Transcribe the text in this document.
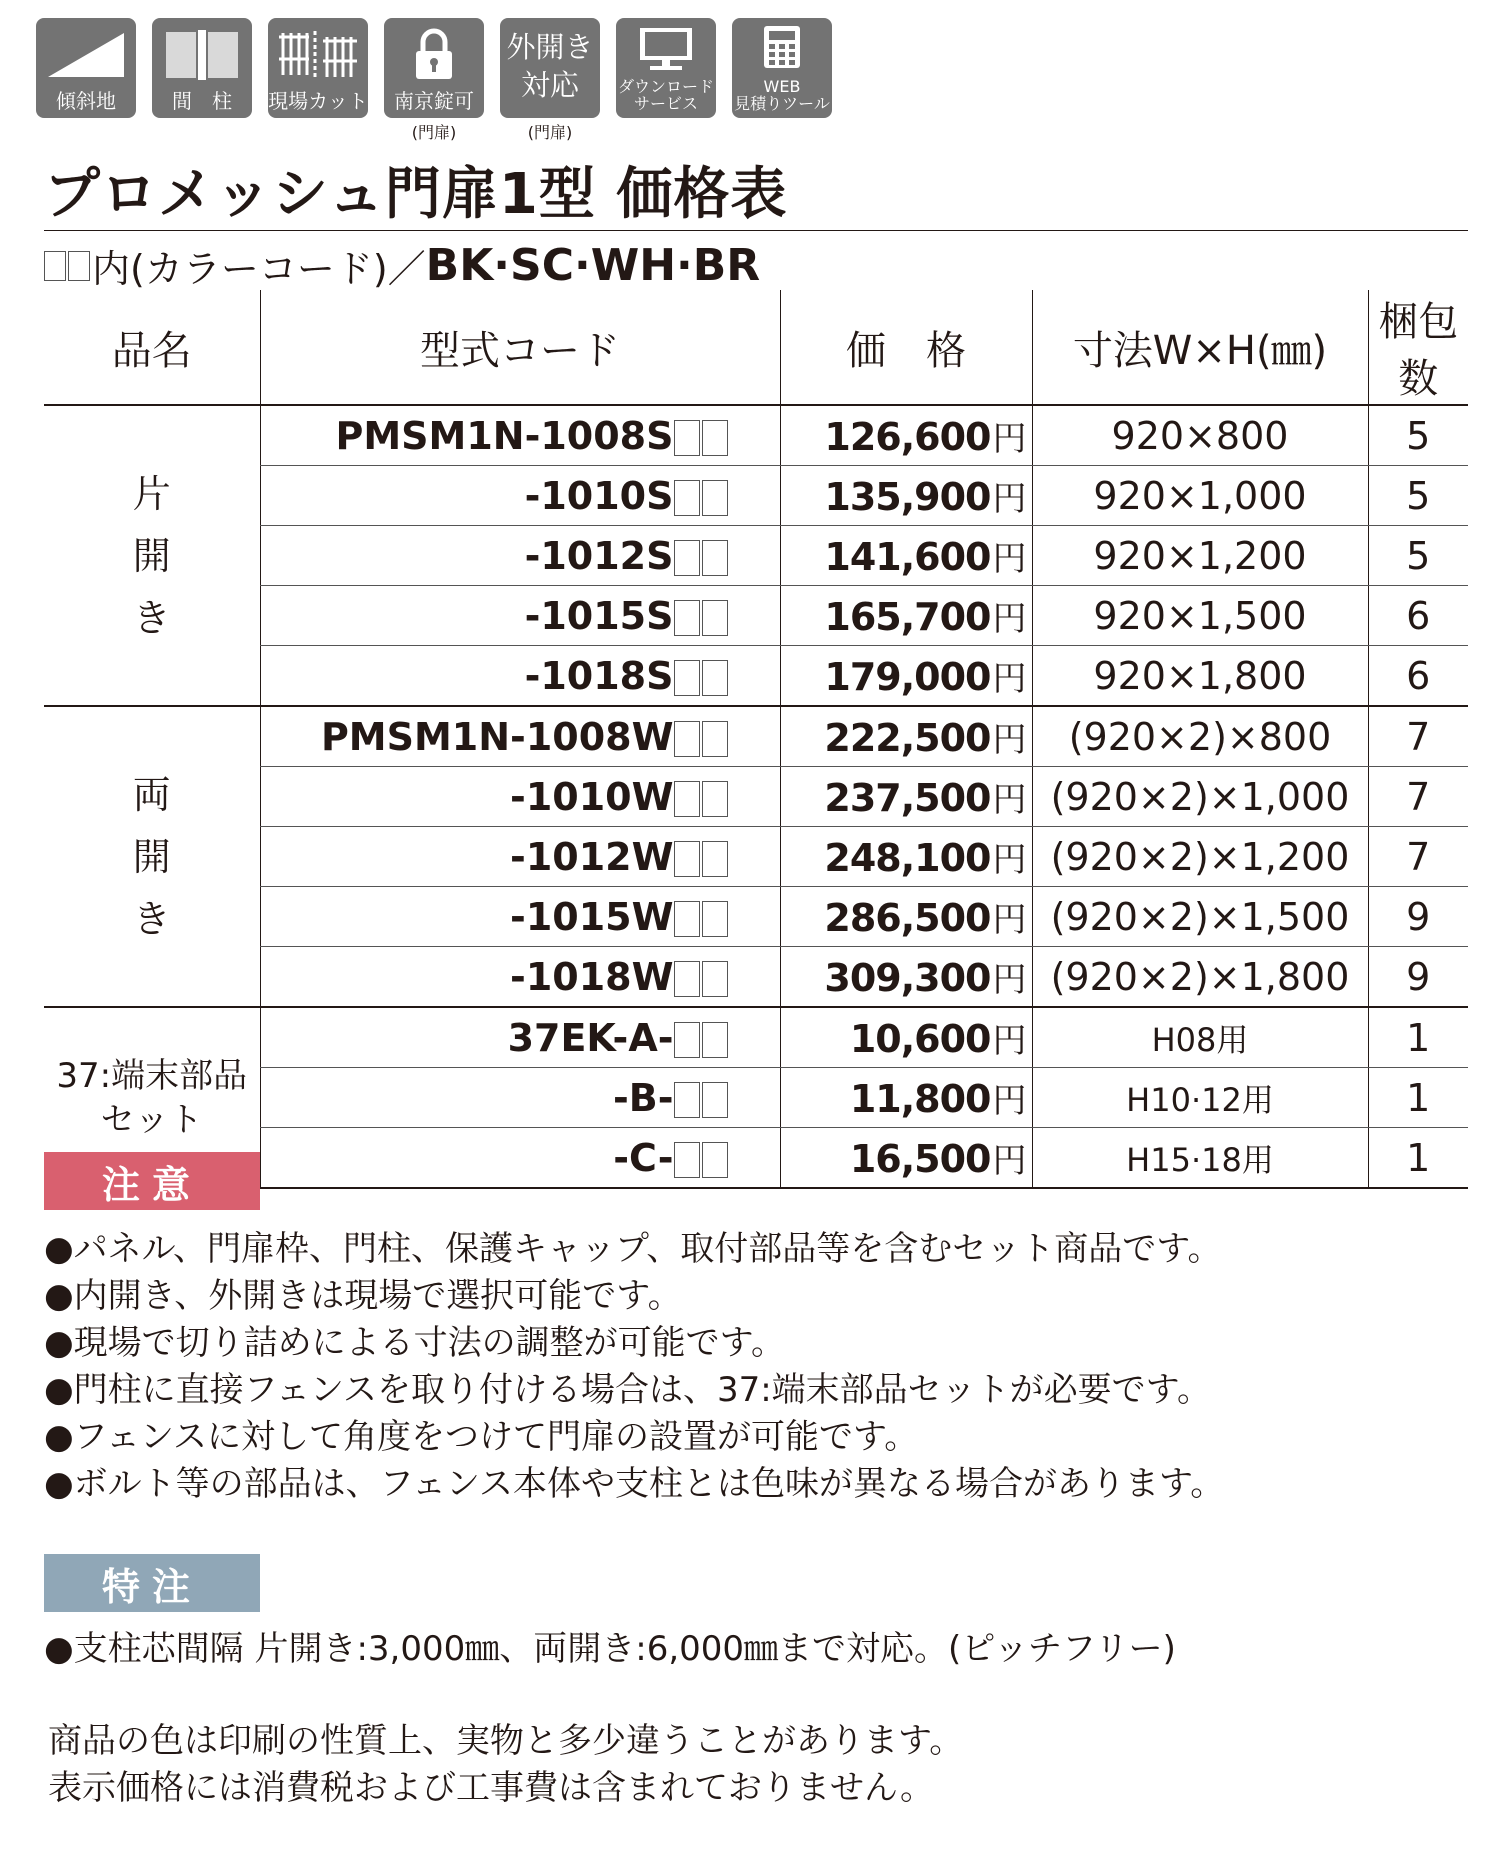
傾斜地	間　柱 現場カット 南京錠可
(門扉)
外開き
対応
(門扉)
ダウンロード
サービス
WEB
見積りツール
プロメッシュ門扉1型 価格表
内(カラーコード)／ BK·SC·WH·BR
品名	型式コード	価　格	寸法W×H(㎜)	梱包数
片
開
き	PMSM1N-1008S	126,600円	920×800	5
	-1010S	135,900円	920×1,000	5
	-1012S	141,600円	920×1,200	5
	-1015S	165,700円	920×1,500	6
	-1018S	179,000円	920×1,800	6
両
開
き	PMSM1N-1008W	222,500円	(920×2)×800	7
	-1010W	237,500円	(920×2)×1,000	7
	-1012W	248,100円	(920×2)×1,200	7
	-1015W	286,500円	(920×2)×1,500	9
	-1018W	309,300円	(920×2)×1,800	9
37:端末部品
セット	37EK-A-	10,600円	H08用	1
	-B-	11,800円	H10·12用	1
	-C-	16,500円	H15·18用	1
注意
●パネル、門扉枠、門柱、保護キャップ、取付部品等を含むセット商品です。
●内開き、外開きは現場で選択可能です。
●現場で切り詰めによる寸法の調整が可能です。
●門柱に直接フェンスを取り付ける場合は、37:端末部品セットが必要です。
●フェンスに対して角度をつけて門扉の設置が可能です。
●ボルト等の部品は、フェンス本体や支柱とは色味が異なる場合があります。
特注
●支柱芯間隔 片開き:3,000㎜、両開き:6,000㎜まで対応。(ピッチフリー)
商品の色は印刷の性質上、実物と多少違うことがあります。
表示価格には消費税および工事費は含まれておりません。
